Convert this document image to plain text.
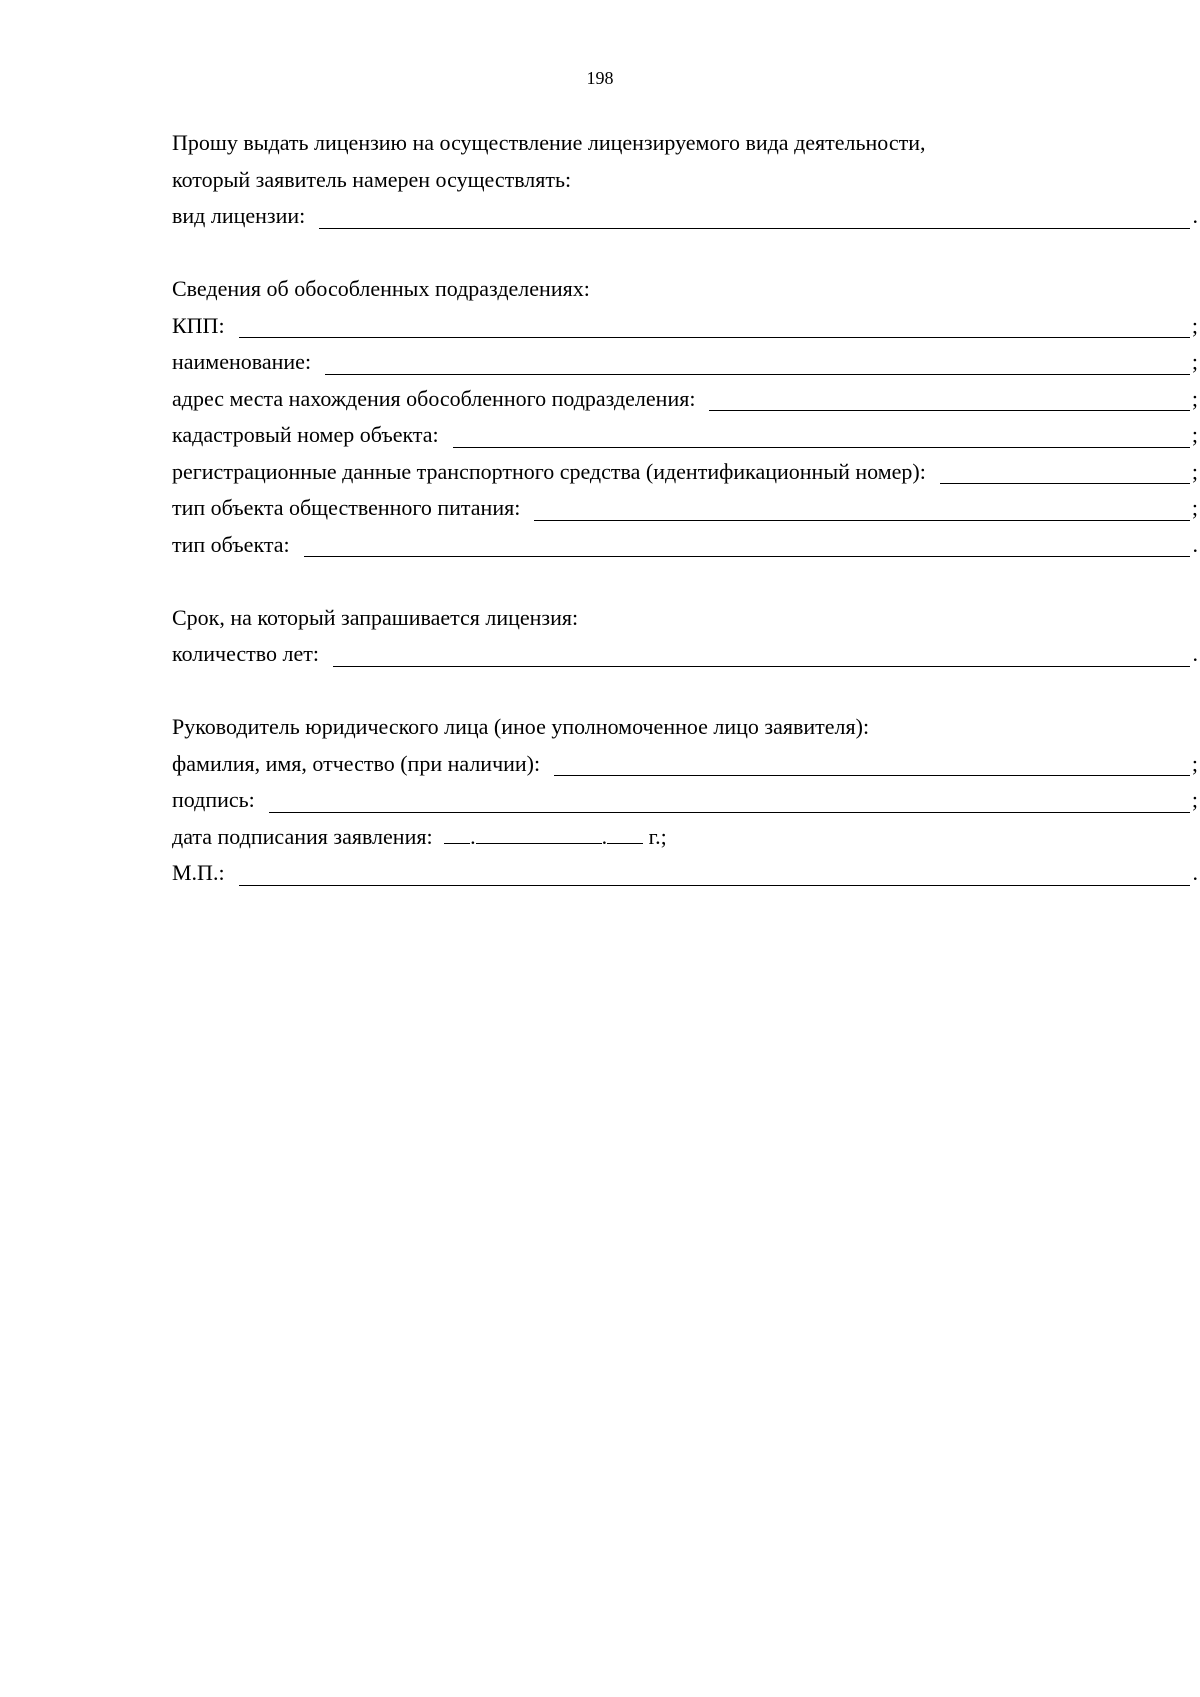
198
Прошу выдать лицензию на осуществление лицензируемого вида деятельности,
который заявитель намерен осуществлять:
вид лицензии:	.
Сведения об обособленных подразделениях:
КПП:	;
наименование:	;
адрес места нахождения обособленного подразделения:	;
кадастровый номер объекта:	;
регистрационные данные транспортного средства (идентификационный номер):	;
тип объекта общественного питания:	;
тип объекта:	.
Срок, на который запрашивается лицензия:
количество лет:	.
Руководитель юридического лица (иное уполномоченное лицо заявителя):
фамилия, имя, отчество (при наличии):	;
подпись:	;
дата подписания заявления: .	. г.;
М.П.:	.
